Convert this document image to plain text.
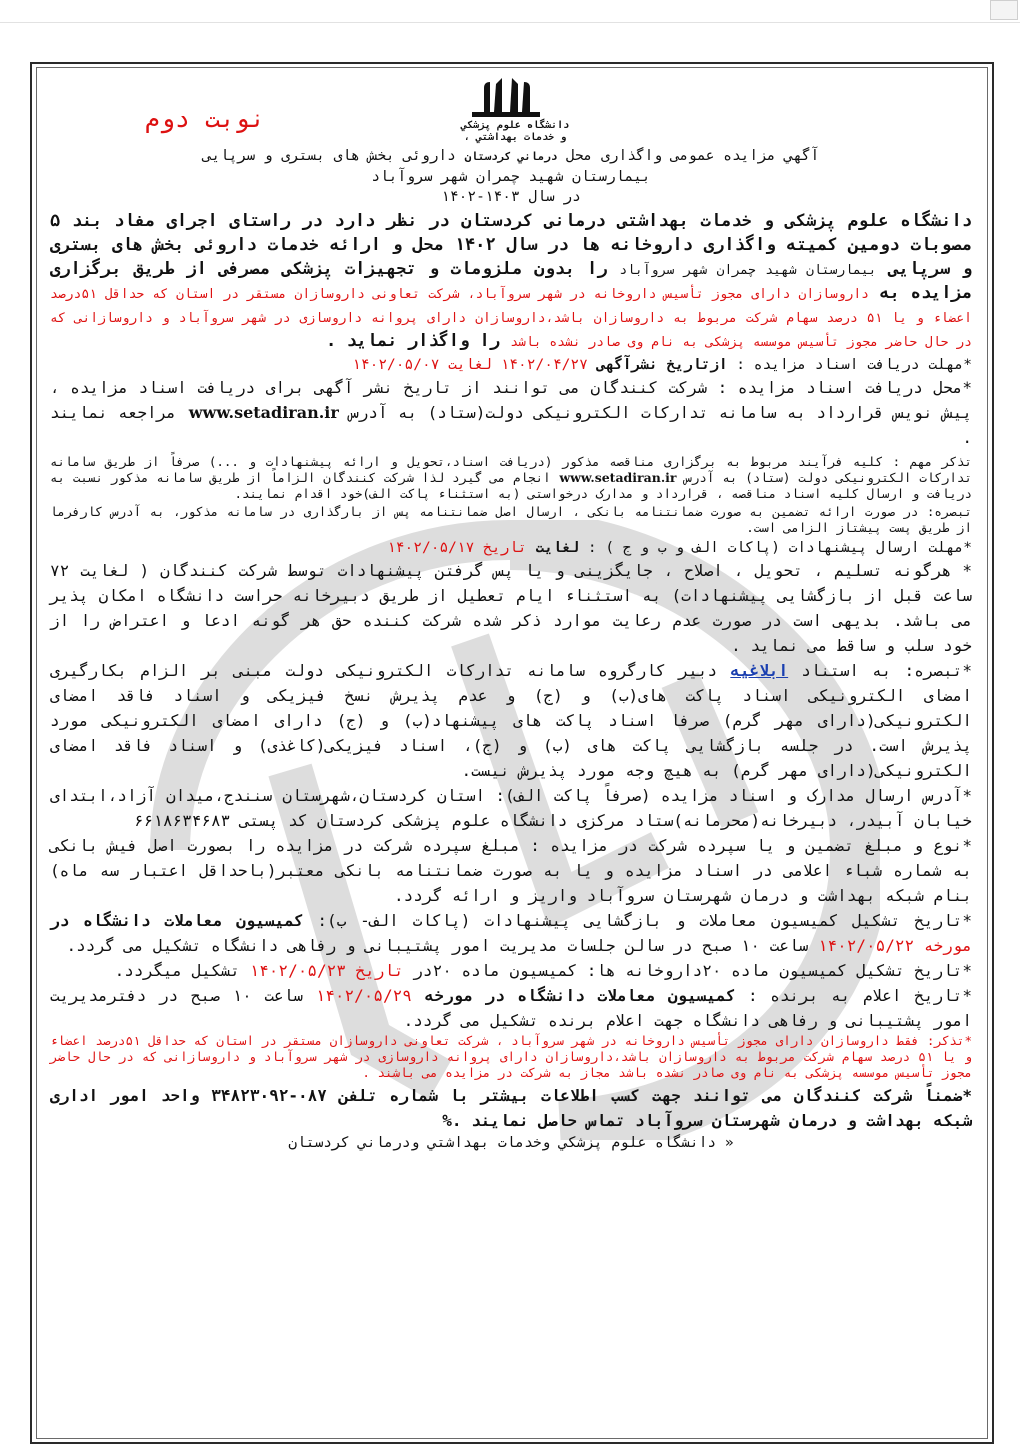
دانشگاه علوم پزشكي
و خدمات بهداشتي ،
نوبت دوم
آگهي مزايده عمومی واگذاری محل درماني كردستان داروئی بخش های بستری و سرپایی
بیمارستان شهید چمران شهر سروآباد
در سال ۱۴۰۳-۱۴۰۲
دانشگاه علوم پزشکی و خدمات بهداشتی درمانی کردستان در نظر دارد در راستای اجرای مفاد بند ۵ مصوبات دومین کمیته واگذاری داروخانه ها در سال ۱۴۰۲ محل و ارائه خدمات داروئی بخش های بستری و سرپایی بیمارستان شهید چمران شهر سروآباد را بدون ملزومات و تجهیزات پزشکی مصرفی از طریق برگزاری مزایده به داروسازان دارای مجوز تأسیس داروخانه در شهر سروآباد، شرکت تعاونی داروسازان مستقر در استان که حداقل ۵۱درصد اعضاء و یا ۵۱ درصد سهام شرکت مربوط به داروسازان باشد،داروسازان دارای پروانه داروسازی در شهر سروآباد و داروسازانی که در حال حاضر مجوز تأسیس موسسه پزشکی به نام وی صادر نشده باشد را واگذار نماید .
*مهلت دریافت اسناد مزایده : ازتاریخ نشرآگهی ۱۴۰۲/۰۴/۲۷ لغایت ۱۴۰۲/۰۵/۰۷
*محل دریافت اسناد مزایده : شرکت کنندگان می توانند از تاریخ نشر آگهی برای دریافت اسناد مزایده ، پیش نویس قرارداد به سامانه تدارکات الکترونیکی دولت(ستاد) به آدرس www.setadiran.ir مراجعه نمایند .
تذکر مهم : کلیه فرآیند مربوط به برگزاری مناقصه مذکور (دریافت اسناد،تحویل و ارائه پیشنهادات و ...) صرفاً از طریق سامانه تدارکات الکترونیکی دولت (ستاد) به آدرس www.setadiran.ir انجام می گیرد لذا شرکت کنندگان الزاماً از طریق سامانه مذکور نسبت به دریافت و ارسال کلیه اسناد مناقصه ، قرارداد و مدارک درخواستی (به استثناء پاکت الف)خود اقدام نمایند.
تبصره: در صورت ارائه تضمین به صورت ضمانتنامه بانکی ، ارسال اصل ضمانتنامه پس از بارگذاری در سامانه مذکور، به آدرس کارفرما از طریق پست پیشتاز الزامی است.
*مهلت ارسال پیشنهادات (پاکات الف و ب و ج ) : لغایت تاریخ ۱۴۰۲/۰۵/۱۷
* هرگونه تسلیم ، تحویل ، اصلاح ، جایگزینی و یا پس گرفتن پیشنهادات توسط شرکت کنندگان ( لغایت ۷۲ ساعت قبل از بازگشایی پیشنهادات) به استثناء ایام تعطیل از طریق دبیرخانه حراست دانشگاه امکان پذیر می باشد. بدیهی است در صورت عدم رعایت موارد ذکر شده شرکت کننده حق هر گونه ادعا و اعتراض را از خود سلب و ساقط می نماید .
*تبصره: به استناد ابلاغیه دبیر کارگروه سامانه تدارکات الکترونیکی دولت مبنی بر الزام بکارگیری امضای الکترونیکی اسناد پاکت های(ب) و (ج) و عدم پذیرش نسخ فیزیکی و اسناد فاقد امضای الکترونیکی(دارای مهر گرم) صرفا اسناد پاکت های پیشنهاد(ب) و (ج) دارای امضای الکترونیکی مورد پذیرش است. در جلسه بازگشایی پاکت های (ب) و (ج)، اسناد فیزیکی(کاغذی) و اسناد فاقد امضای الکترونیکی(دارای مهر گرم) به هیچ وجه مورد پذیرش نیست.
*آدرس ارسال مدارک و اسناد مزایده (صرفاً پاکت الف): استان کردستان،شهرستان سنندج،میدان آزاد،ابتدای خیابان آبیدر، دبیرخانه(محرمانه)ستاد مرکزی دانشگاه علوم پزشکی کردستان کد پستی ۶۶۱۸۶۳۴۶۸۳
*نوع و مبلغ تضمین و یا سپرده شرکت در مزایده : مبلغ سپرده شرکت در مزایده را بصورت اصل فیش بانکی به شماره شباء اعلامی در اسناد مزایده و یا به صورت ضمانتنامه بانکی معتبر(باحداقل اعتبار سه ماه) بنام شبکه بهداشت و درمان شهرستان سروآباد واریز و ارائه گردد.
*تاریخ تشکیل کمیسیون معاملات و بازگشایی پیشنهادات (پاکات الف- ب): کمیسیون معاملات دانشگاه در مورخه ۱۴۰۲/۰۵/۲۲ ساعت ۱۰ صبح در سالن جلسات مدیریت امور پشتیبانی و رفاهی دانشگاه تشکیل می گردد.
*تاریخ تشکیل کمیسیون ماده ۲۰داروخانه ها: کمیسیون ماده ۲۰در تاریخ ۱۴۰۲/۰۵/۲۳ تشکیل میگردد.
*تاریخ اعلام به برنده : کمیسیون معاملات دانشگاه در مورخه ۱۴۰۲/۰۵/۲۹ ساعت ۱۰ صبح در دفترمدیریت امور پشتیبانی و رفاهی دانشگاه جهت اعلام برنده تشکیل می گردد.
*تذکر: فقط داروسازان دارای مجوز تأسیس داروخانه در شهر سروآباد ، شرکت تعاونی داروسازان مستقر در استان که حداقل ۵۱درصد اعضاء و یا ۵۱ درصد سهام شرکت مربوط به داروسازان باشد،داروسازان دارای پروانه داروسازی در شهر سروآباد و داروسازانی که در حال حاضر مجوز تأسیس موسسه پزشکی به نام وی صادر نشده باشد مجاز به شرکت در مزایده می باشند .
*ضمناً شرکت کنندگان می توانند جهت کسب اطلاعات بیشتر با شماره تلفن ۰۸۷-۳۴۸۲۳۰۹۲ واحد امور اداری شبکه بهداشت و درمان شهرستان سروآباد تماس حاصل نمایند .%
« دانشگاه علوم پزشكي وخدمات بهداشتي ودرماني كردستان
